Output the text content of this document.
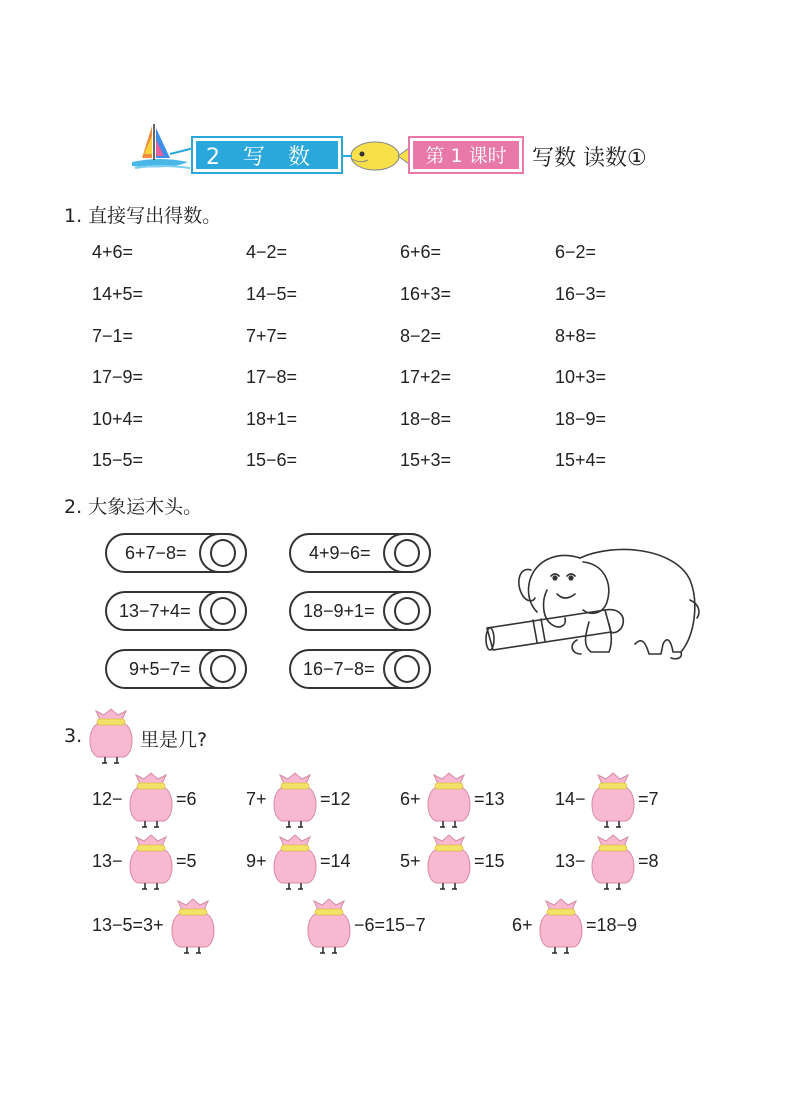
2 写 数 读
第 1 课时	写数 读数①
1. 直接写出得数。
4+6=	4−2=	6+6=	6−2=
14+5=	14−5=	16+3=	16−3=
7−1=	7+7=	8−2=	8+8=
17−9=	17−8=	17+2=	10+3=
10+4=	18+1=	18−8=	18−9=
15−5=	15−6=	15+3=	15+4=
2. 大象运木头。
6+7−8=	4+9−6=
13−7+4=	18−9+1=
9+5−7=	16−7−8=
3.	里是几?
12−	=6	7+	=12	6+	=13	14−	=7
13−	=5	9+	=14	5+	=15	13−	=8
13−5=3+	−6=15−7	6+	=18−9
